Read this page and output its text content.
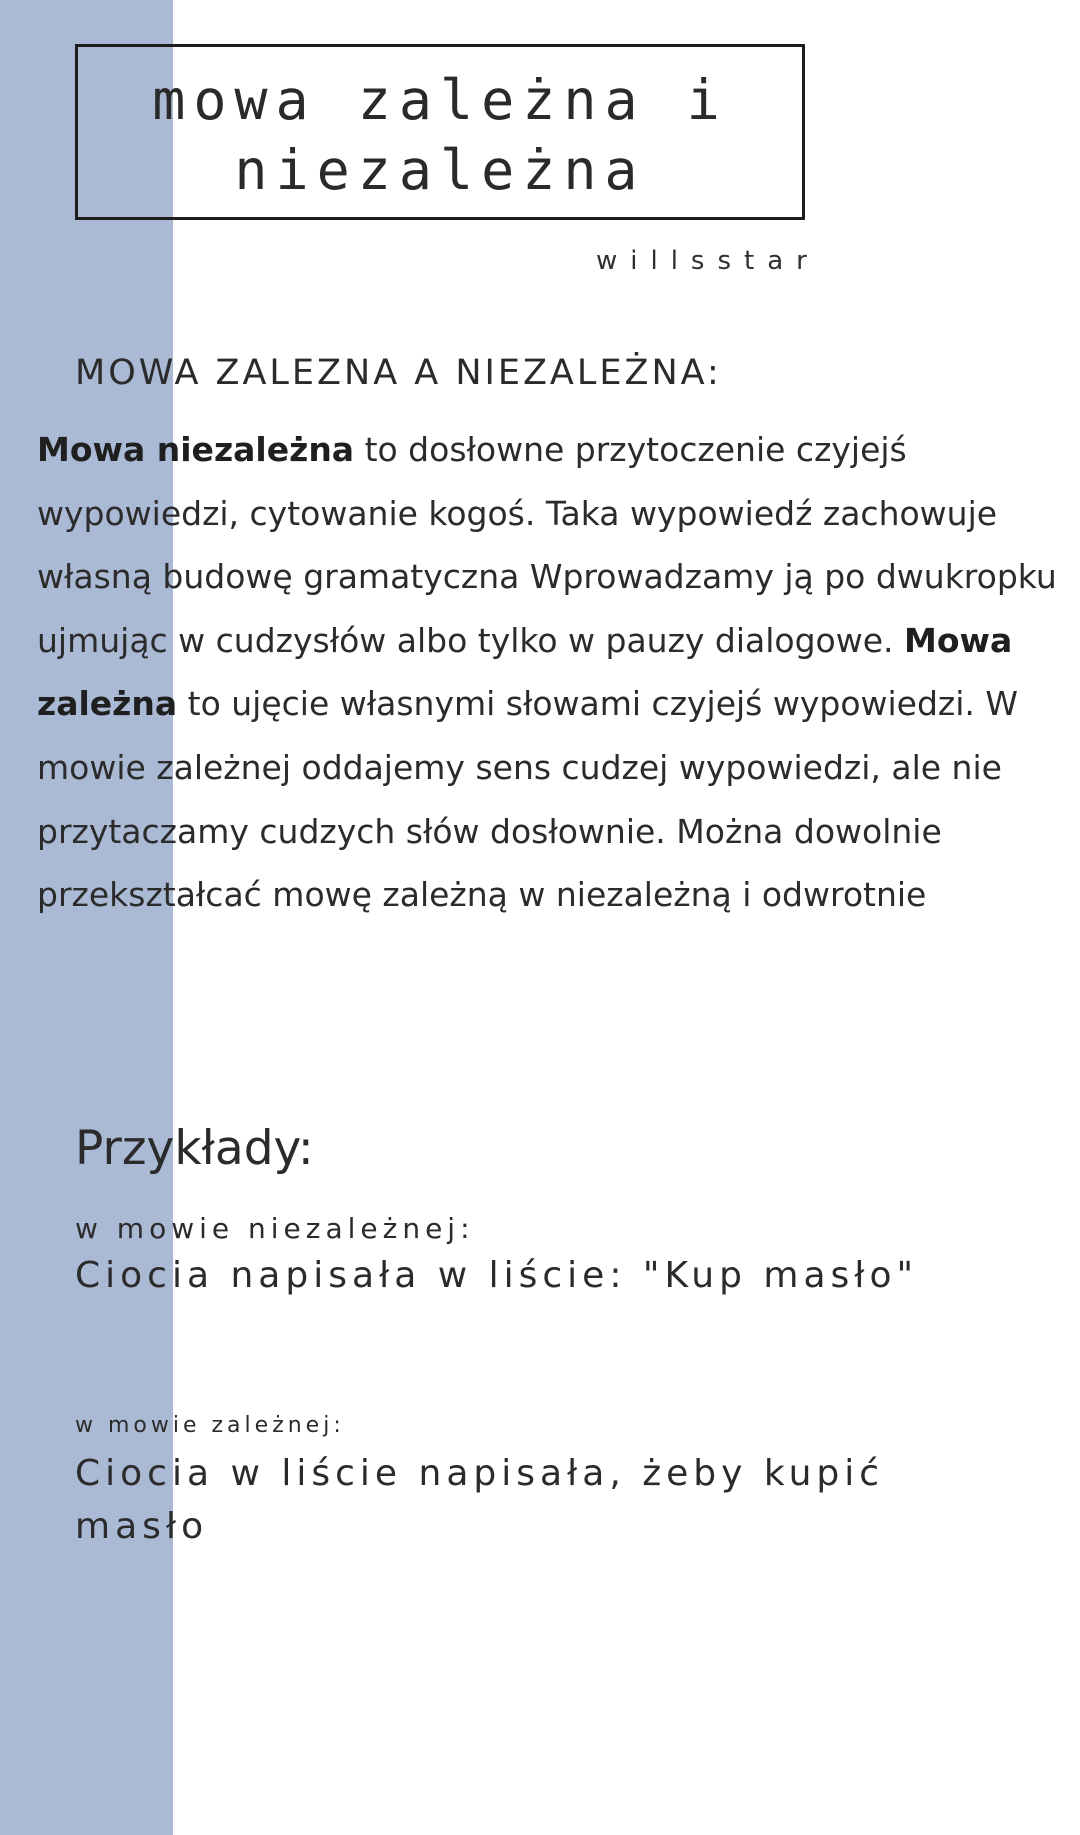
mowa zależna i
niezależna
willsstar
MOWA ZALEZNA A NIEZALEŻNA:
Mowa niezależna to dosłowne przytoczenie czyjejś wypowiedzi, cytowanie kogoś. Taka wypowiedź zachowuje własną budowę gramatyczna Wprowadzamy ją po dwukropku ujmując w cudzysłów albo tylko w pauzy dialogowe. Mowa zależna to ujęcie własnymi słowami czyjejś wypowiedzi. W mowie zależnej oddajemy sens cudzej wypowiedzi, ale nie przytaczamy cudzych słów dosłownie. Można dowolnie przekształcać mowę zależną w niezależną i odwrotnie
Przykłady:
w mowie niezależnej:
Ciocia napisała w liście: "Kup masło"
w mowie zależnej:
Ciocia w liście napisała, żeby kupić masło
